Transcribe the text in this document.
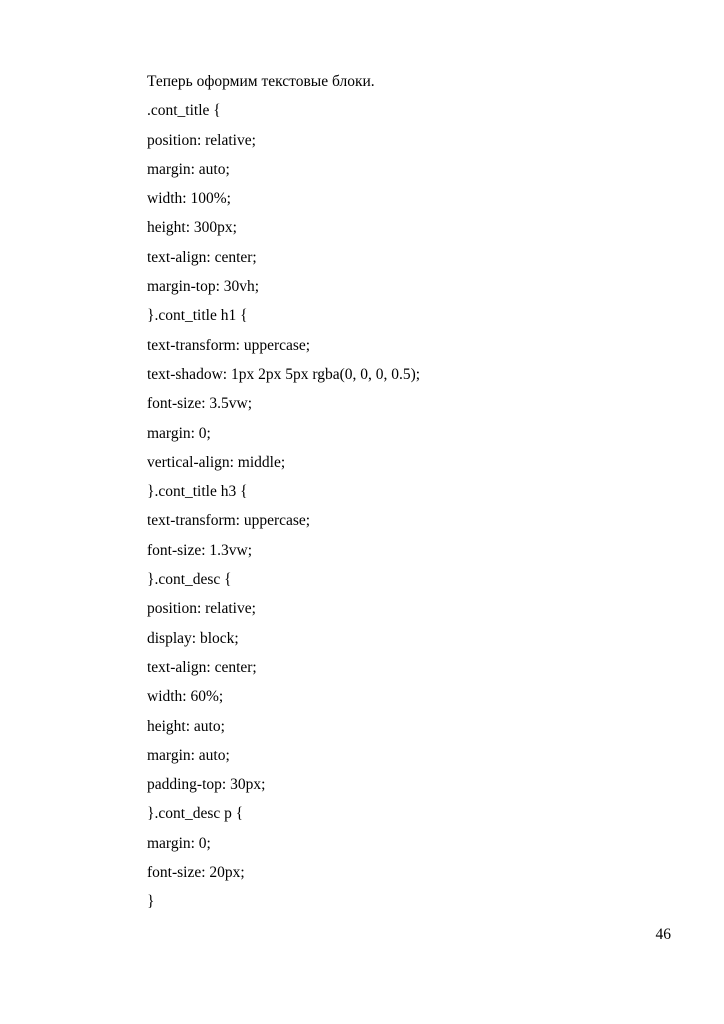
Теперь оформим текстовые блоки.
.cont_title {
position: relative;
margin: auto;
width: 100%;
height: 300px;
text-align: center;
margin-top: 30vh;
}.cont_title h1 {
text-transform: uppercase;
text-shadow: 1px 2px 5px rgba(0, 0, 0, 0.5);
font-size: 3.5vw;
margin: 0;
vertical-align: middle;
}.cont_title h3 {
text-transform: uppercase;
font-size: 1.3vw;
}.cont_desc {
position: relative;
display: block;
text-align: center;
width: 60%;
height: auto;
margin: auto;
padding-top: 30px;
}.cont_desc p {
margin: 0;
font-size: 20px;
}
46
